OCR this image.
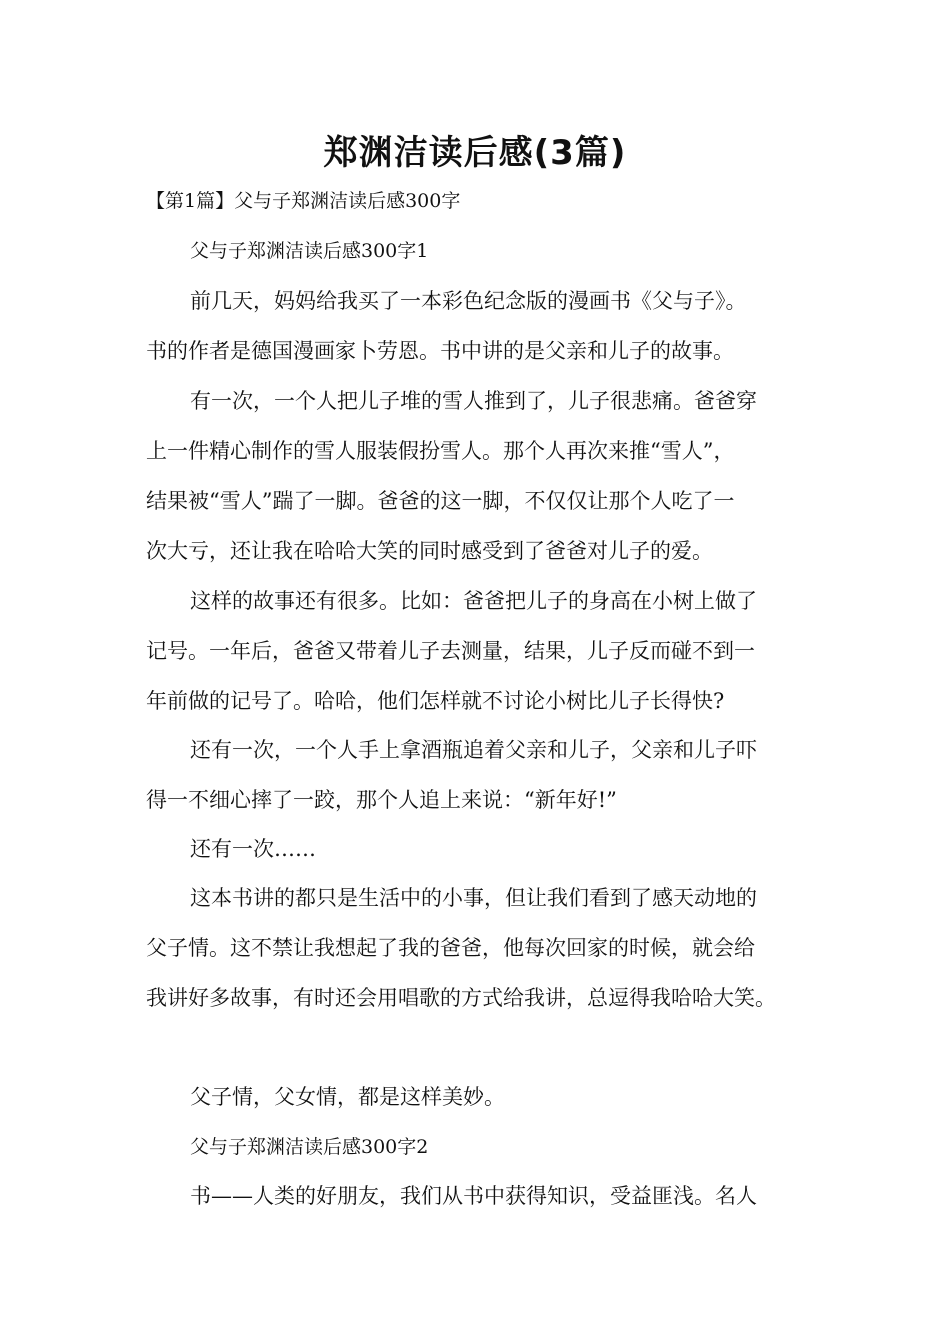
郑渊洁读后感(3篇)

【第1篇】父与子郑渊洁读后感300字

父与子郑渊洁读后感300字1

前几天，妈妈给我买了一本彩色纪念版的漫画书《父与子》。

书的作者是德国漫画家卜劳恩。书中讲的是父亲和儿子的故事。

有一次，一个人把儿子堆的雪人推到了，儿子很悲痛。爸爸穿

上一件精心制作的雪人服装假扮雪人。那个人再次来推“雪人”，

结果被“雪人”踹了一脚。爸爸的这一脚，不仅仅让那个人吃了一

次大亏，还让我在哈哈大笑的同时感受到了爸爸对儿子的爱。

这样的故事还有很多。比如：爸爸把儿子的身高在小树上做了

记号。一年后，爸爸又带着儿子去测量，结果，儿子反而碰不到一

年前做的记号了。哈哈，他们怎样就不讨论小树比儿子长得快?

还有一次，一个人手上拿酒瓶追着父亲和儿子，父亲和儿子吓

得一不细心摔了一跤，那个人追上来说：“新年好!”

还有一次……

这本书讲的都只是生活中的小事，但让我们看到了感天动地的

父子情。这不禁让我想起了我的爸爸，他每次回家的时候，就会给

我讲好多故事，有时还会用唱歌的方式给我讲，总逗得我哈哈大笑。

父子情，父女情，都是这样美妙。

父与子郑渊洁读后感300字2

书——人类的好朋友，我们从书中获得知识，受益匪浅。名人
